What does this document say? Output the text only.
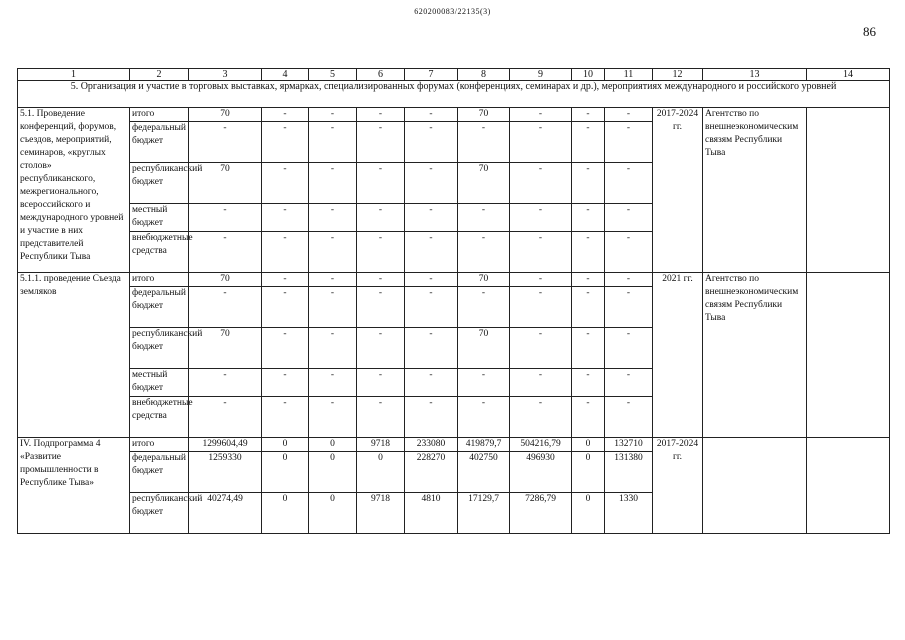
620200083/22135(3)
86
1	2	3	4	5	6	7	8	9	10	11	12	13	14
5. Организация и участие в торговых выставках, ярмарках, специализированных форумах (конференциях, семинарах и др.), мероприятиях международного и российского уровней													
5.1. Проведение конференций, форумов, съездов, мероприятий, семинаров, «круглых столов» республиканского, межрегионального, всероссийского и международного уровней и участие в них представителей Республики Тыва	итого	70	-	-	-	-	70	-	-	-	2017-2024 гг.	Агентство по внешнеэкономическим связям Республики Тыва	
	федеральный бюджет	-	-	-	-	-	-	-	-	-			
	республиканский бюджет	70	-	-	-	-	70	-	-	-			
	местный бюджет	-	-	-	-	-	-	-	-	-			
	внебюджетные средства	-	-	-	-	-	-	-	-	-			
5.1.1. проведение Съезда земляков	итого	70	-	-	-	-	70	-	-	-	2021 гг.	Агентство по внешнеэкономическим связям Республики Тыва	
	федеральный бюджет	-	-	-	-	-	-	-	-	-			
	республиканский бюджет	70	-	-	-	-	70	-	-	-			
	местный бюджет	-	-	-	-	-	-	-	-	-			
	внебюджетные средства	-	-	-	-	-	-	-	-	-			
IV. Подпрограмма 4 «Развитие промышленности в Республике Тыва»	итого	1299604,49	0	0	9718	233080	419879,7	504216,79	0	132710	2017-2024 гг.		
	федеральный бюджет	1259330	0	0	0	228270	402750	496930	0	131380			
	республиканский бюджет	40274,49	0	0	9718	4810	17129,7	7286,79	0	1330			
